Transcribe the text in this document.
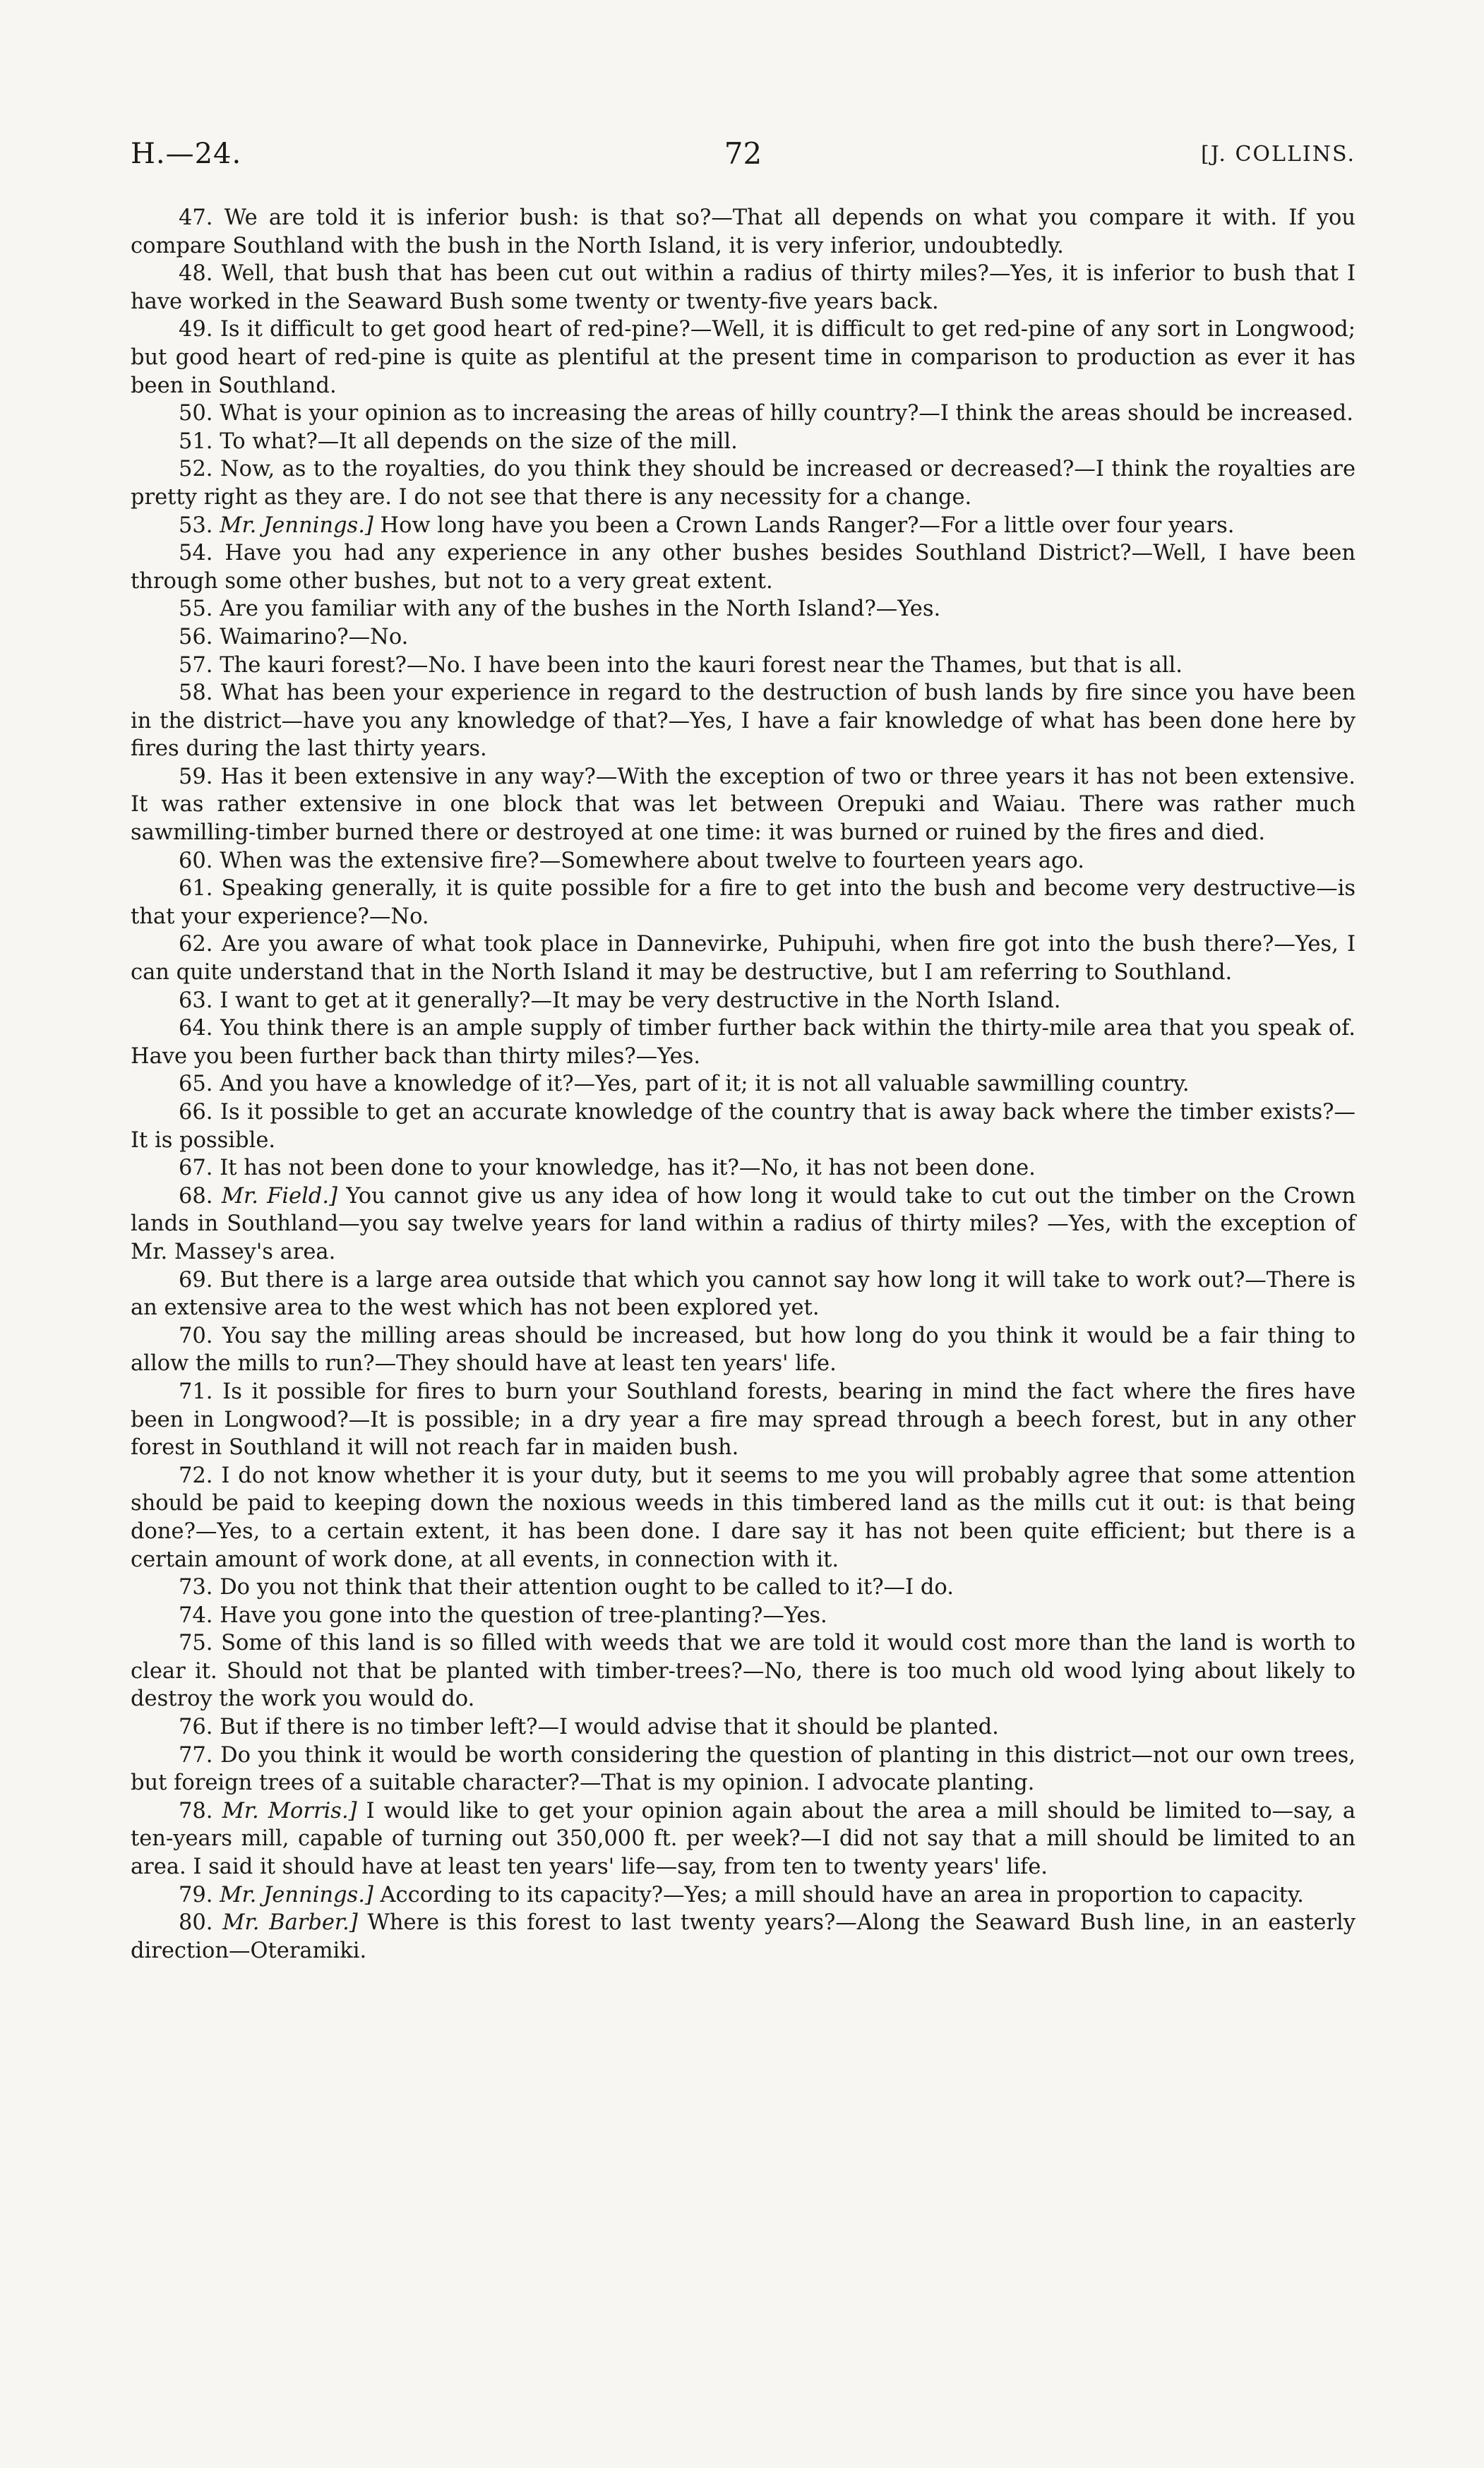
H.—24.	72	[J. COLLINS.

47. We are told it is inferior bush: is that so?—That all depends on what you compare it with. If you compare Southland with the bush in the North Island, it is very inferior, undoubtedly.

48. Well, that bush that has been cut out within a radius of thirty miles?—Yes, it is inferior to bush that I have worked in the Seaward Bush some twenty or twenty-five years back.

49. Is it difficult to get good heart of red-pine?—Well, it is difficult to get red-pine of any sort in Longwood; but good heart of red-pine is quite as plentiful at the present time in comparison to production as ever it has been in Southland.

50. What is your opinion as to increasing the areas of hilly country?—I think the areas should be increased.

51. To what?—It all depends on the size of the mill.

52. Now, as to the royalties, do you think they should be increased or decreased?—I think the royalties are pretty right as they are. I do not see that there is any necessity for a change.

53. Mr. Jennings.] How long have you been a Crown Lands Ranger?—For a little over four years.

54. Have you had any experience in any other bushes besides Southland District?—Well, I have been through some other bushes, but not to a very great extent.

55. Are you familiar with any of the bushes in the North Island?—Yes.

56. Waimarino?—No.

57. The kauri forest?—No. I have been into the kauri forest near the Thames, but that is all.

58. What has been your experience in regard to the destruction of bush lands by fire since you have been in the district—have you any knowledge of that?—Yes, I have a fair knowledge of what has been done here by fires during the last thirty years.

59. Has it been extensive in any way?—With the exception of two or three years it has not been extensive. It was rather extensive in one block that was let between Orepuki and Waiau. There was rather much sawmilling-timber burned there or destroyed at one time: it was burned or ruined by the fires and died.

60. When was the extensive fire?—Somewhere about twelve to fourteen years ago.

61. Speaking generally, it is quite possible for a fire to get into the bush and become very destructive—is that your experience?—No.

62. Are you aware of what took place in Dannevirke, Puhipuhi, when fire got into the bush there?—Yes, I can quite understand that in the North Island it may be destructive, but I am referring to Southland.

63. I want to get at it generally?—It may be very destructive in the North Island.

64. You think there is an ample supply of timber further back within the thirty-mile area that you speak of. Have you been further back than thirty miles?—Yes.

65. And you have a knowledge of it?—Yes, part of it; it is not all valuable sawmilling country.

66. Is it possible to get an accurate knowledge of the country that is away back where the timber exists?—It is possible.

67. It has not been done to your knowledge, has it?—No, it has not been done.

68. Mr. Field.] You cannot give us any idea of how long it would take to cut out the timber on the Crown lands in Southland—you say twelve years for land within a radius of thirty miles? —Yes, with the exception of Mr. Massey's area.

69. But there is a large area outside that which you cannot say how long it will take to work out?—There is an extensive area to the west which has not been explored yet.

70. You say the milling areas should be increased, but how long do you think it would be a fair thing to allow the mills to run?—They should have at least ten years' life.

71. Is it possible for fires to burn your Southland forests, bearing in mind the fact where the fires have been in Longwood?—It is possible; in a dry year a fire may spread through a beech forest, but in any other forest in Southland it will not reach far in maiden bush.

72. I do not know whether it is your duty, but it seems to me you will probably agree that some attention should be paid to keeping down the noxious weeds in this timbered land as the mills cut it out: is that being done?—Yes, to a certain extent, it has been done. I dare say it has not been quite efficient; but there is a certain amount of work done, at all events, in connection with it.

73. Do you not think that their attention ought to be called to it?—I do.

74. Have you gone into the question of tree-planting?—Yes.

75. Some of this land is so filled with weeds that we are told it would cost more than the land is worth to clear it. Should not that be planted with timber-trees?—No, there is too much old wood lying about likely to destroy the work you would do.

76. But if there is no timber left?—I would advise that it should be planted.

77. Do you think it would be worth considering the question of planting in this district—not our own trees, but foreign trees of a suitable character?—That is my opinion. I advocate planting.

78. Mr. Morris.] I would like to get your opinion again about the area a mill should be limited to—say, a ten-years mill, capable of turning out 350,000 ft. per week?—I did not say that a mill should be limited to an area. I said it should have at least ten years' life—say, from ten to twenty years' life.

79. Mr. Jennings.] According to its capacity?—Yes; a mill should have an area in proportion to capacity.

80. Mr. Barber.] Where is this forest to last twenty years?—Along the Seaward Bush line, in an easterly direction—Oteramiki.
